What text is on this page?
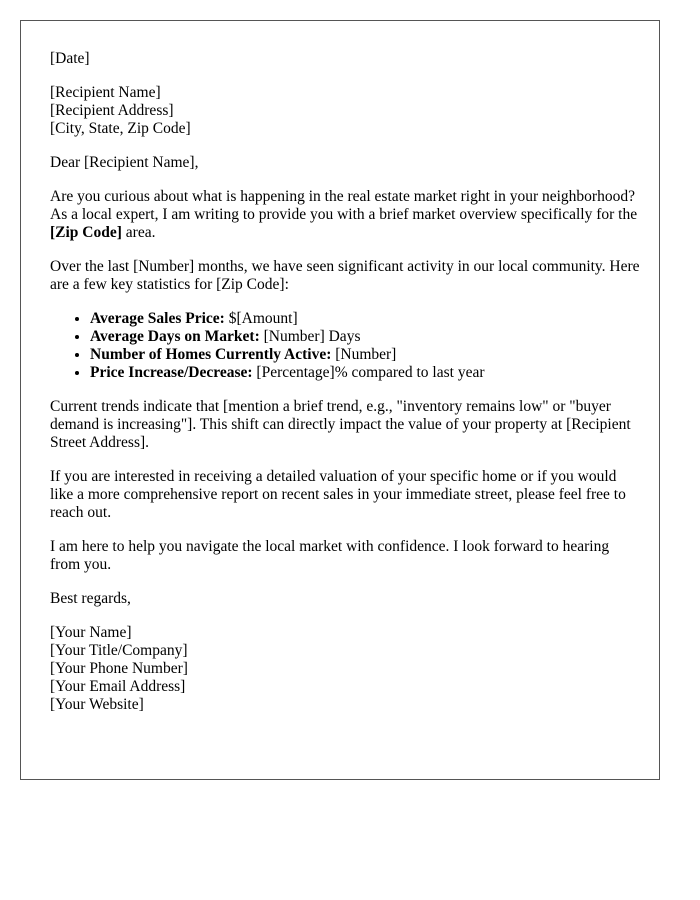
[Date]

[Recipient Name]
[Recipient Address]
[City, State, Zip Code]

Dear [Recipient Name],

Are you curious about what is happening in the real estate market right in your neighborhood? As a local expert, I am writing to provide you with a brief market overview specifically for the [Zip Code] area.

Over the last [Number] months, we have seen significant activity in our local community. Here are a few key statistics for [Zip Code]:

• Average Sales Price: $[Amount]
• Average Days on Market: [Number] Days
• Number of Homes Currently Active: [Number]
• Price Increase/Decrease: [Percentage]% compared to last year

Current trends indicate that [mention a brief trend, e.g., "inventory remains low" or "buyer demand is increasing"]. This shift can directly impact the value of your property at [Recipient Street Address].

If you are interested in receiving a detailed valuation of your specific home or if you would like a more comprehensive report on recent sales in your immediate street, please feel free to reach out.

I am here to help you navigate the local market with confidence. I look forward to hearing from you.

Best regards,

[Your Name]
[Your Title/Company]
[Your Phone Number]
[Your Email Address]
[Your Website]
